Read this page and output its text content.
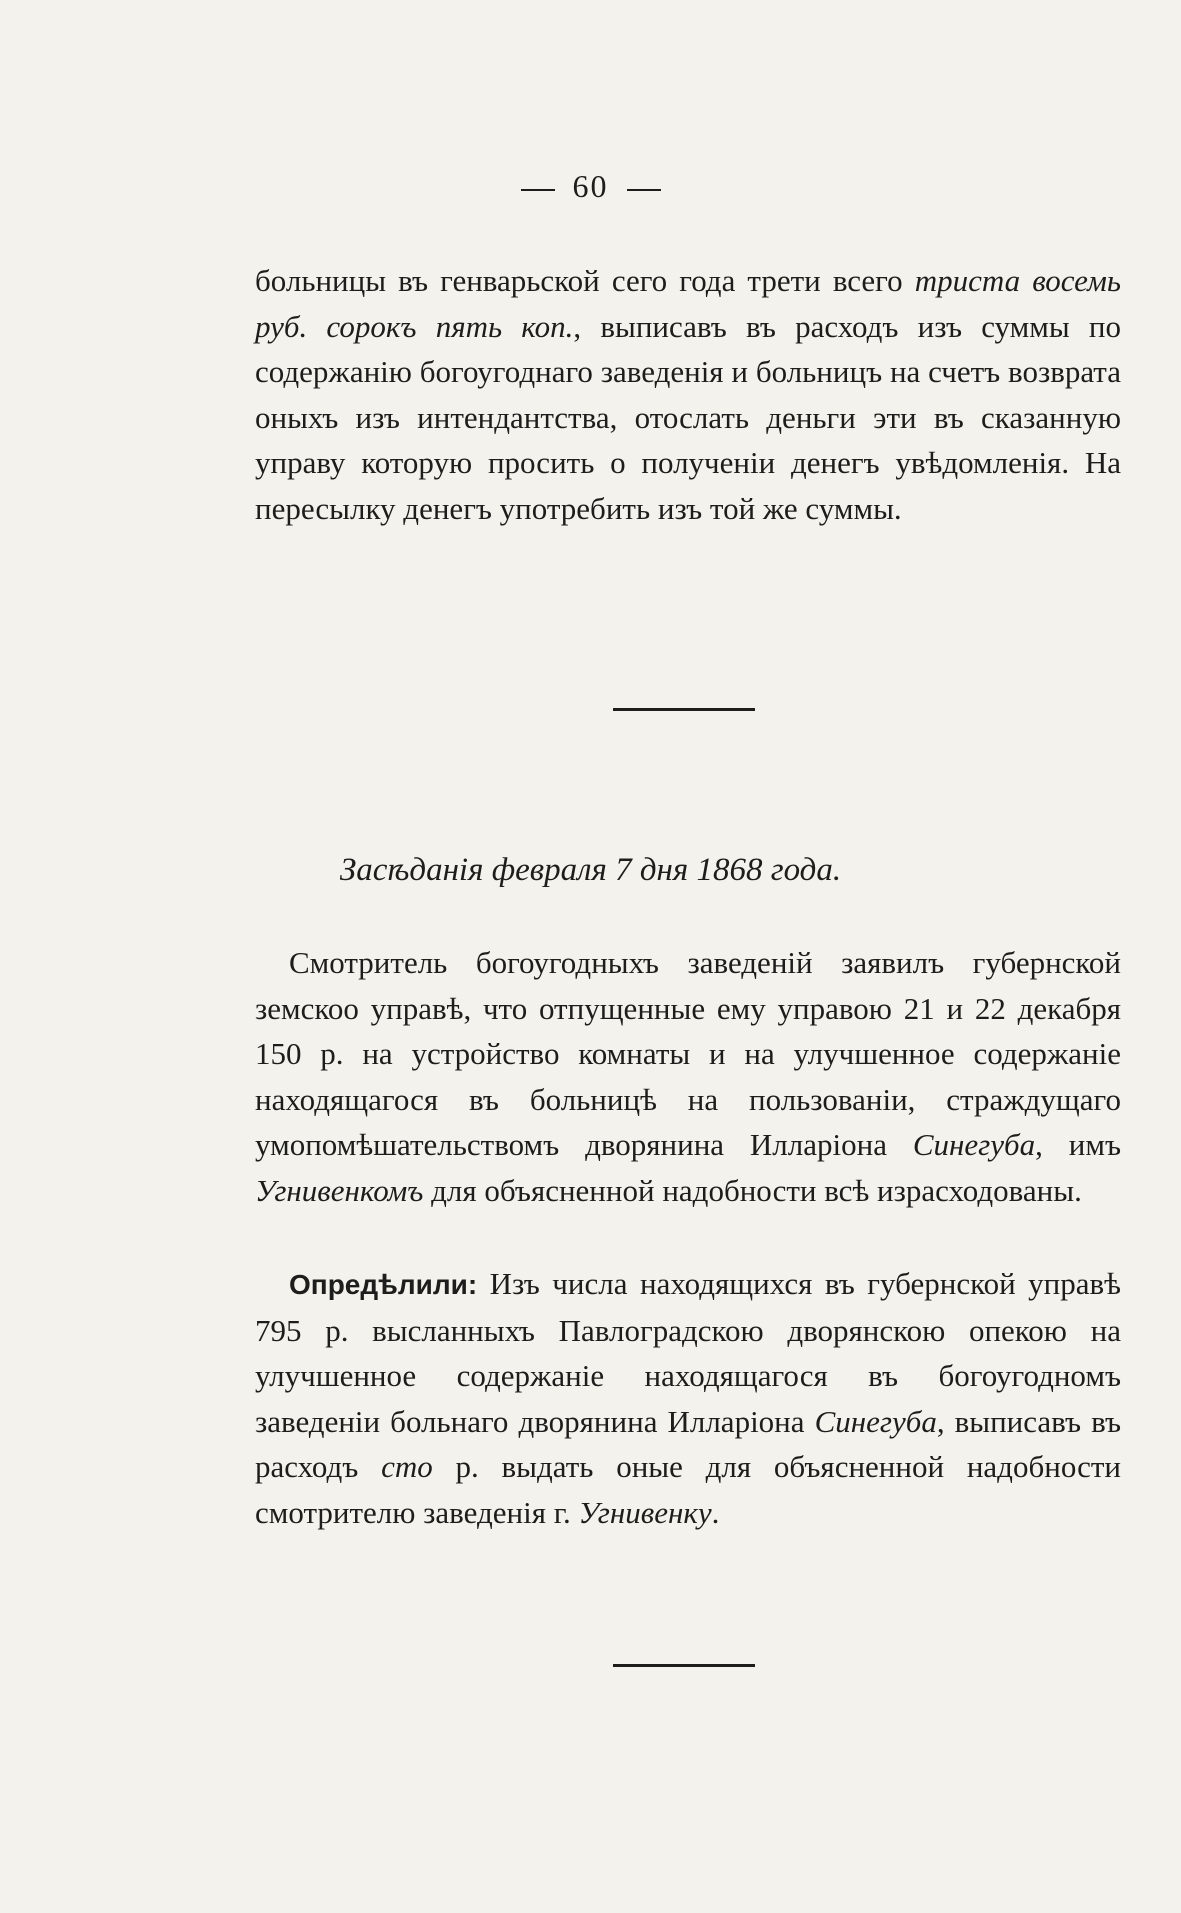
60

больницы въ генварьской сего года трети всего триста восемь руб. сорокъ пять коп., выписавъ въ расходъ изъ суммы по содержанію богоугоднаго заведенія и больницъ на счетъ возврата оныхъ изъ интендантства, отослать деньги эти въ сказанную управу которую просить о полученіи денегъ увѣдомленія. На пересылку денегъ употребить изъ той же суммы.

Засѣданія февраля 7 дня 1868 года.

Смотритель богоугодныхъ заведеній заявилъ губернской земскоо управѣ, что отпущенные ему управою 21 и 22 декабря 150 р. на устройство комнаты и на улучшенное содержаніе находящагося въ больницѣ на пользованіи, страждущаго умопомѣшательствомъ дворянина Илларіона Синегуба, имъ Угнивенкомъ для объясненной надобности всѣ израсходованы.

Опредѣлили: Изъ числа находящихся въ губернской управѣ 795 р. высланныхъ Павлоградскою дворянскою опекою на улучшенное содержаніе находящагося въ богоугодномъ заведеніи больнаго дворянина Илларіона Синегуба, выписавъ въ расходъ сто р. выдать оные для объясненной надобности смотрителю заведенія г. Угнивенку.
